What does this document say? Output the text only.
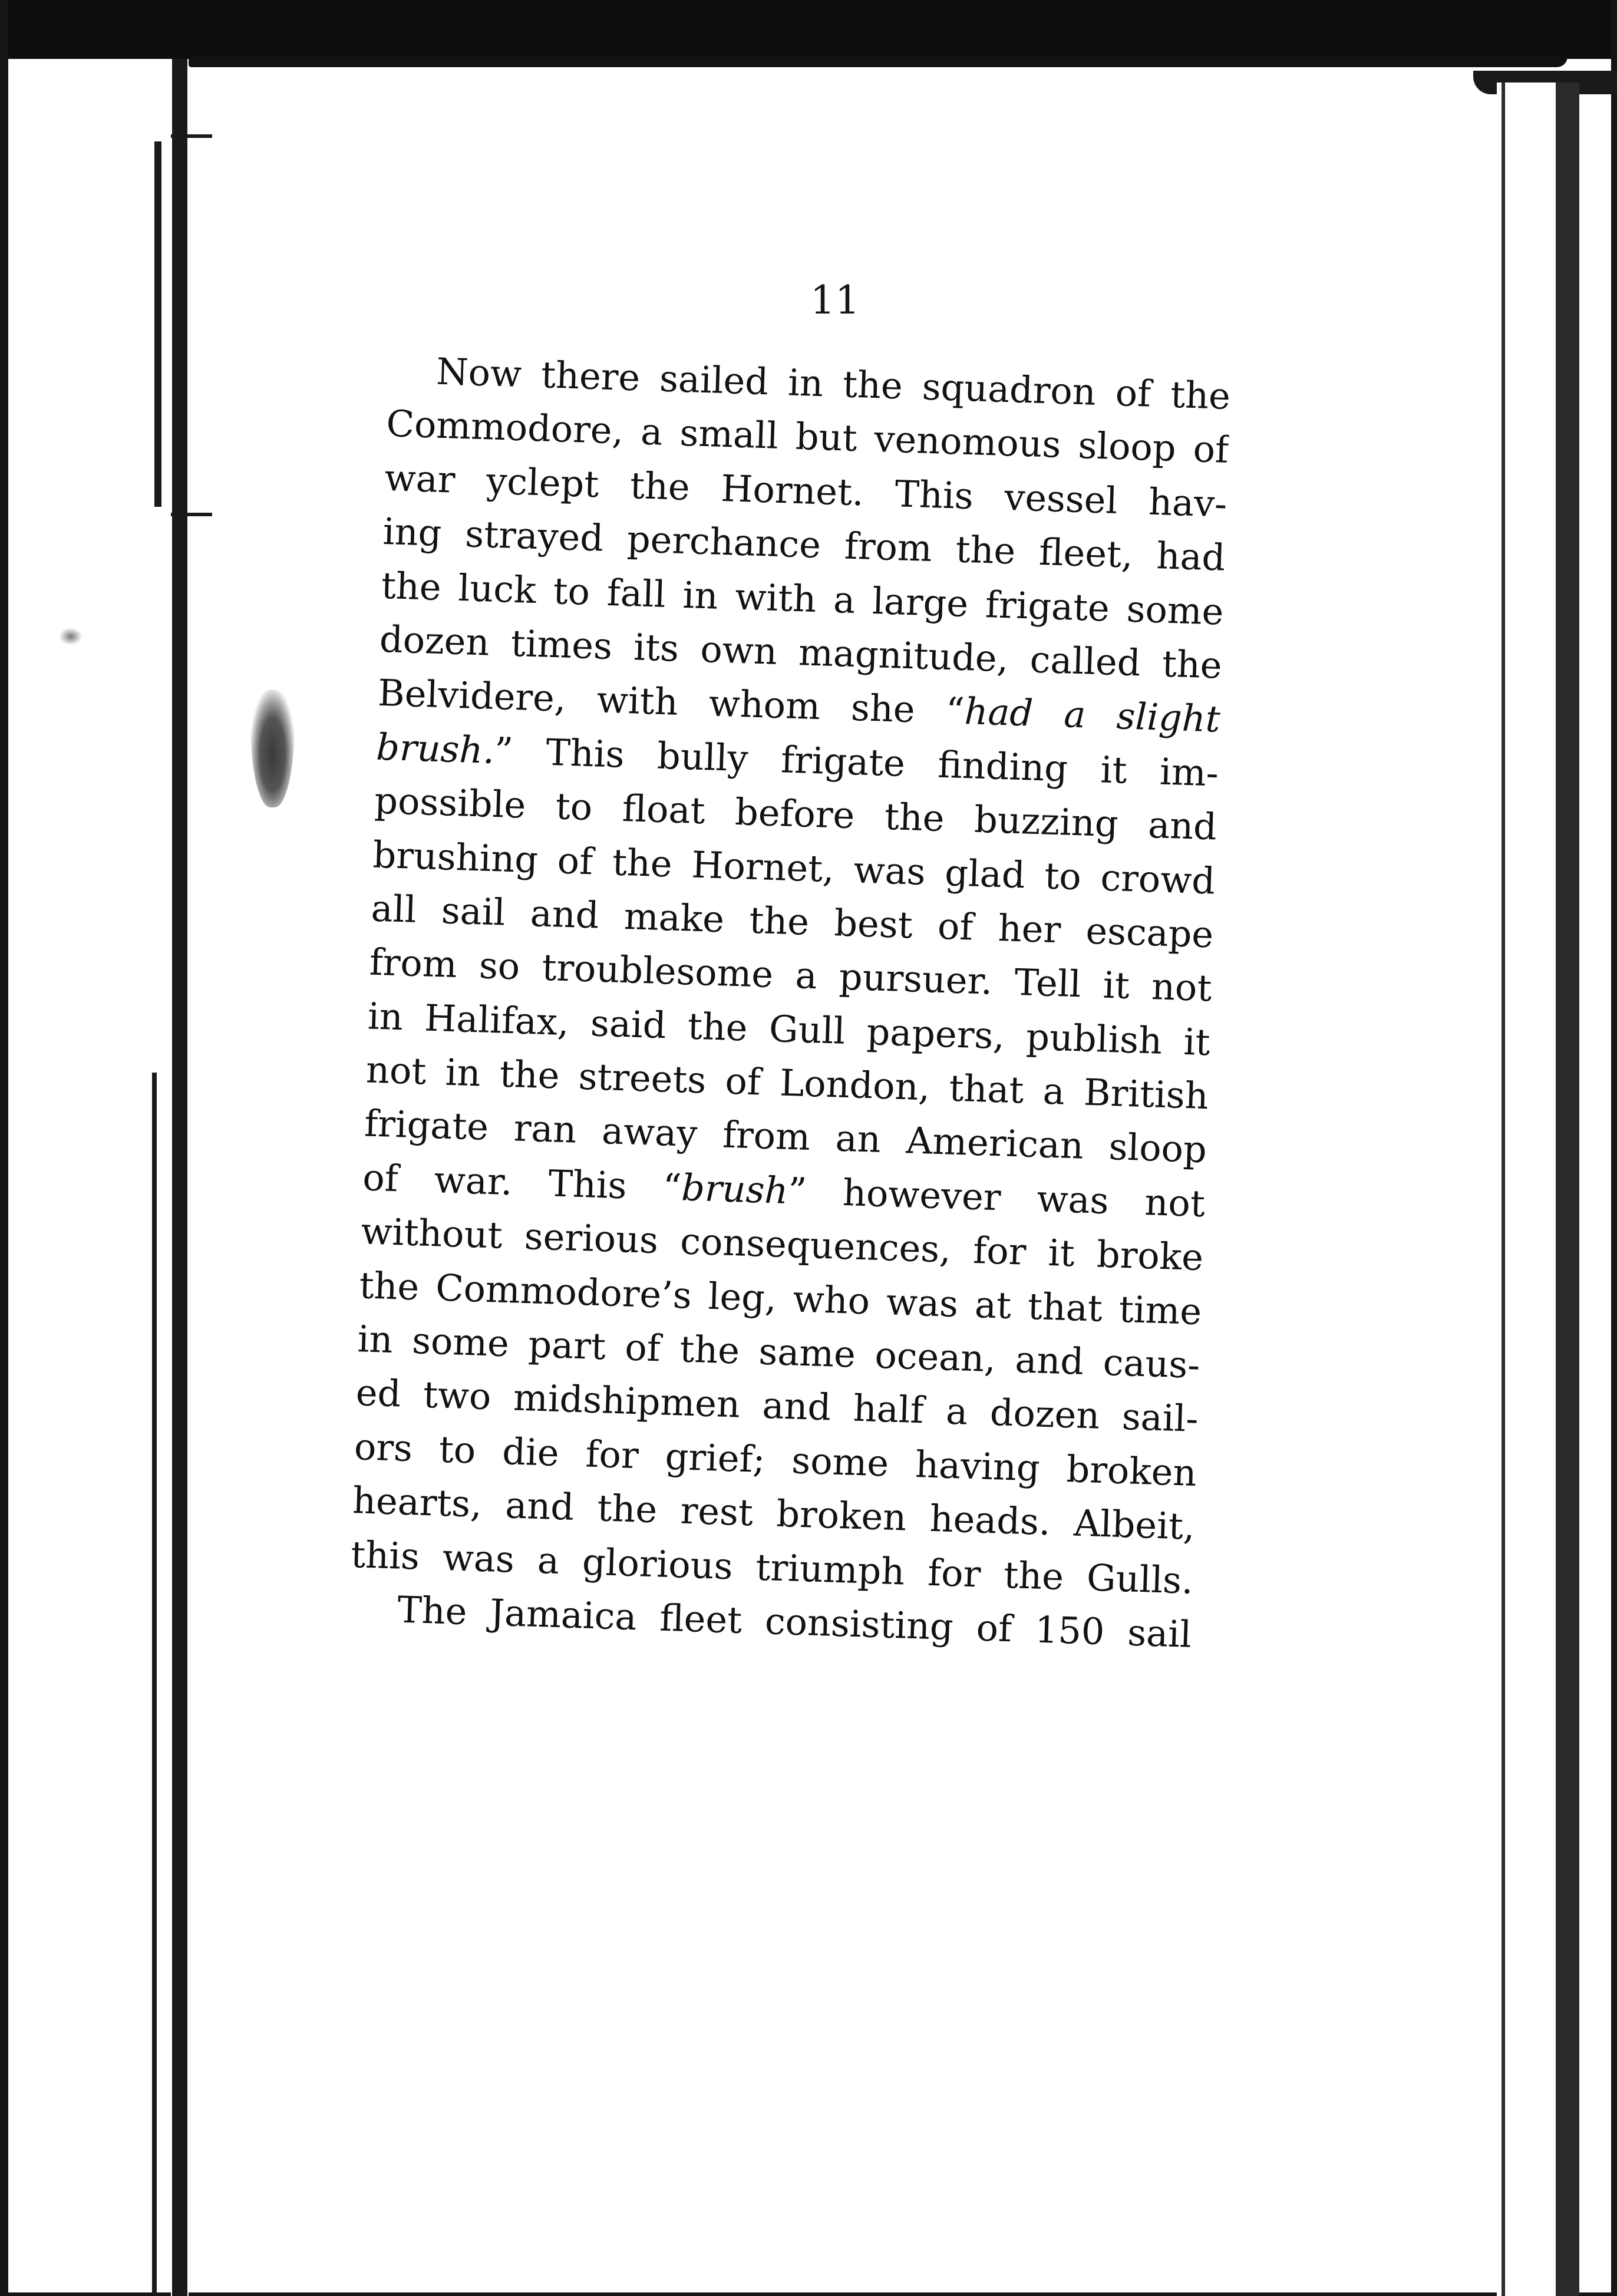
11
Now there sailed in the squadron of the
Commodore, a small but venomous sloop of
war yclept the Hornet. This vessel hav-
ing strayed perchance from the fleet, had
the luck to fall in with a large frigate some
dozen times its own magnitude, called the
Belvidere, with whom she “had a slight
brush.” This bully frigate finding it im-
possible to float before the buzzing and
brushing of the Hornet, was glad to crowd
all sail and make the best of her escape
from so troublesome a pursuer. Tell it not
in Halifax, said the Gull papers, publish it
not in the streets of London, that a British
frigate ran away from an American sloop
of war. This “brush” however was not
without serious consequences, for it broke
the Commodore’s leg, who was at that time
in some part of the same ocean, and caus-
ed two midshipmen and half a dozen sail-
ors to die for grief; some having broken
hearts, and the rest broken heads. Albeit,
this was a glorious triumph for the Gulls.
The Jamaica fleet consisting of 150 sail
